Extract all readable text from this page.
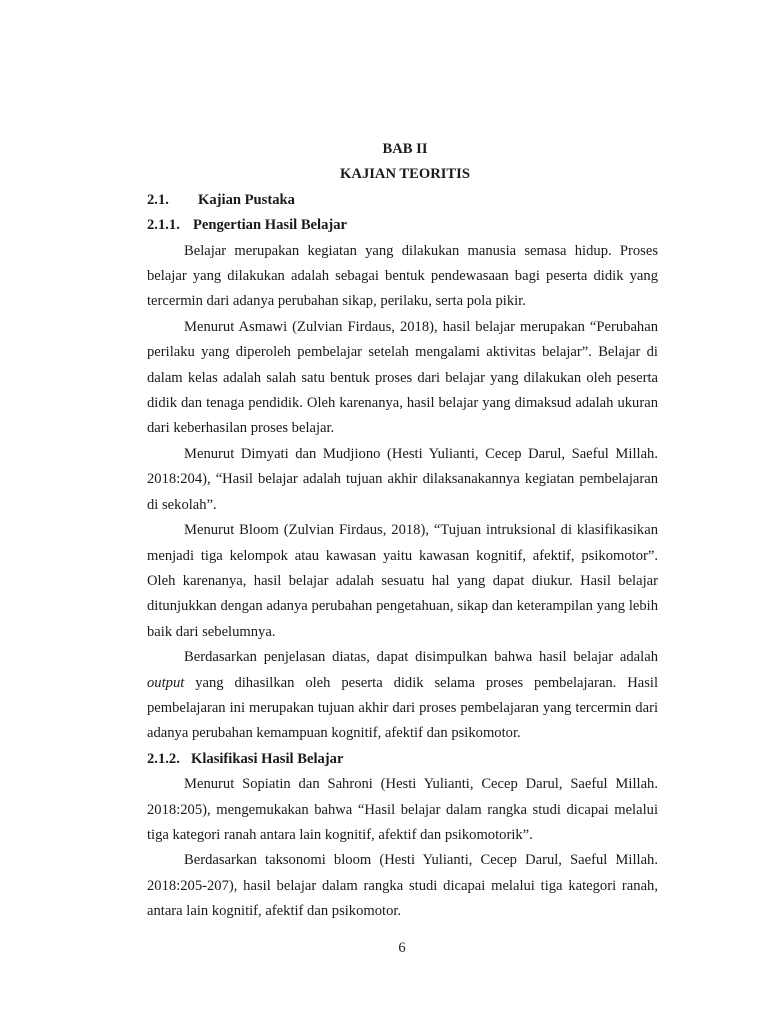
BAB II
KAJIAN TEORITIS
2.1.	Kajian Pustaka
2.1.1. Pengertian Hasil Belajar

Belajar merupakan kegiatan yang dilakukan manusia semasa hidup. Proses belajar yang dilakukan adalah sebagai bentuk pendewasaan bagi peserta didik yang tercermin dari adanya perubahan sikap, perilaku, serta pola pikir.

Menurut Asmawi (Zulvian Firdaus, 2018), hasil belajar merupakan “Perubahan perilaku yang diperoleh pembelajar setelah mengalami aktivitas belajar”. Belajar di dalam kelas adalah salah satu bentuk proses dari belajar yang dilakukan oleh peserta didik dan tenaga pendidik. Oleh karenanya, hasil belajar yang dimaksud adalah ukuran dari keberhasilan proses belajar.

Menurut Dimyati dan Mudjiono (Hesti Yulianti, Cecep Darul, Saeful Millah. 2018:204), “Hasil belajar adalah tujuan akhir dilaksanakannya kegiatan pembelajaran di sekolah”.

Menurut Bloom (Zulvian Firdaus, 2018), “Tujuan intruksional di klasifikasikan menjadi tiga kelompok atau kawasan yaitu kawasan kognitif, afektif, psikomotor”. Oleh karenanya, hasil belajar adalah sesuatu hal yang dapat diukur. Hasil belajar ditunjukkan dengan adanya perubahan pengetahuan, sikap dan keterampilan yang lebih baik dari sebelumnya.

Berdasarkan penjelasan diatas, dapat disimpulkan bahwa hasil belajar adalah output yang dihasilkan oleh peserta didik selama proses pembelajaran. Hasil pembelajaran ini merupakan tujuan akhir dari proses pembelajaran yang tercermin dari adanya perubahan kemampuan kognitif, afektif dan psikomotor.

2.1.2. Klasifikasi Hasil Belajar

Menurut Sopiatin dan Sahroni (Hesti Yulianti, Cecep Darul, Saeful Millah. 2018:205), mengemukakan bahwa “Hasil belajar dalam rangka studi dicapai melalui tiga kategori ranah antara lain kognitif, afektif dan psikomotorik”.

Berdasarkan taksonomi bloom (Hesti Yulianti, Cecep Darul, Saeful Millah. 2018:205-207), hasil belajar dalam rangka studi dicapai melalui tiga kategori ranah, antara lain kognitif, afektif dan psikomotor.

6
